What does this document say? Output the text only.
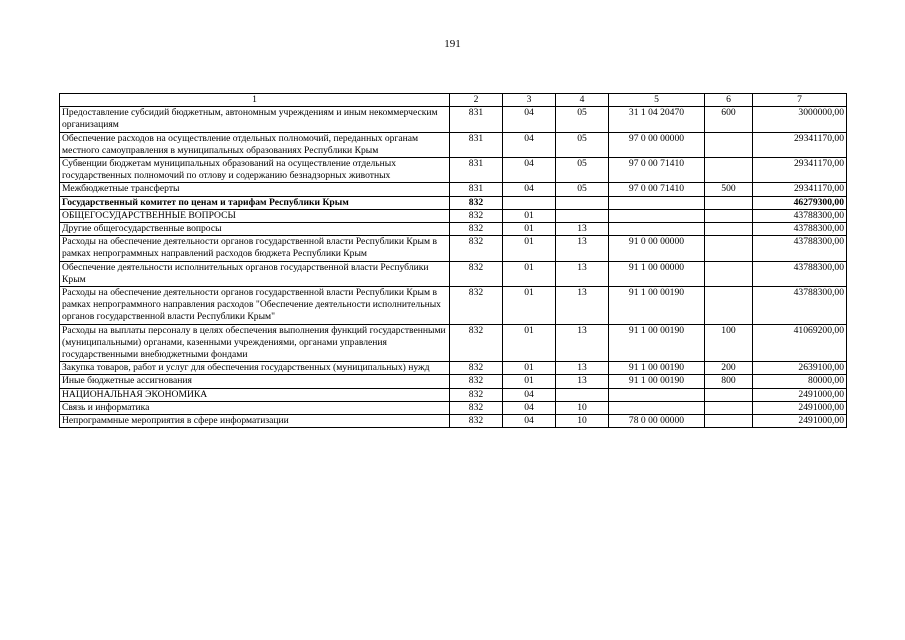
191
1	2	3	4	5	6	7
Предоставление субсидий бюджетным, автономным учреждениям и иным некоммерческим организациям	831	04	05	31 1 04 20470	600	3000000,00
Обеспечение расходов на осуществление отдельных полномочий, переданных органам местного самоуправления в муниципальных образованиях Республики Крым	831	04	05	97 0 00 00000		29341170,00
Субвенции бюджетам муниципальных образований на осуществление отдельных государственных полномочий по отлову и содержанию безнадзорных животных	831	04	05	97 0 00 71410		29341170,00
Межбюджетные трансферты	831	04	05	97 0 00 71410	500	29341170,00
Государственный комитет по ценам и тарифам Республики Крым	832					46279300,00
ОБЩЕГОСУДАРСТВЕННЫЕ ВОПРОСЫ	832	01				43788300,00
Другие общегосударственные вопросы	832	01	13			43788300,00
Расходы на обеспечение деятельности органов государственной власти Республики Крым в рамках непрограммных направлений расходов бюджета Республики Крым	832	01	13	91 0 00 00000		43788300,00
Обеспечение деятельности исполнительных органов государственной власти Республики Крым	832	01	13	91 1 00 00000		43788300,00
Расходы на обеспечение деятельности органов государственной власти Республики Крым в рамках непрограммного направления расходов "Обеспечение деятельности исполнительных органов государственной власти Республики Крым"	832	01	13	91 1 00 00190		43788300,00
Расходы на выплаты персоналу в целях обеспечения выполнения функций государственными (муниципальными) органами, казенными учреждениями, органами управления государственными внебюджетными фондами	832	01	13	91 1 00 00190	100	41069200,00
Закупка товаров, работ и услуг для обеспечения государственных (муниципальных) нужд	832	01	13	91 1 00 00190	200	2639100,00
Иные бюджетные ассигнования	832	01	13	91 1 00 00190	800	80000,00
НАЦИОНАЛЬНАЯ ЭКОНОМИКА	832	04				2491000,00
Связь и информатика	832	04	10			2491000,00
Непрограммные мероприятия в сфере информатизации	832	04	10	78 0 00 00000		2491000,00
